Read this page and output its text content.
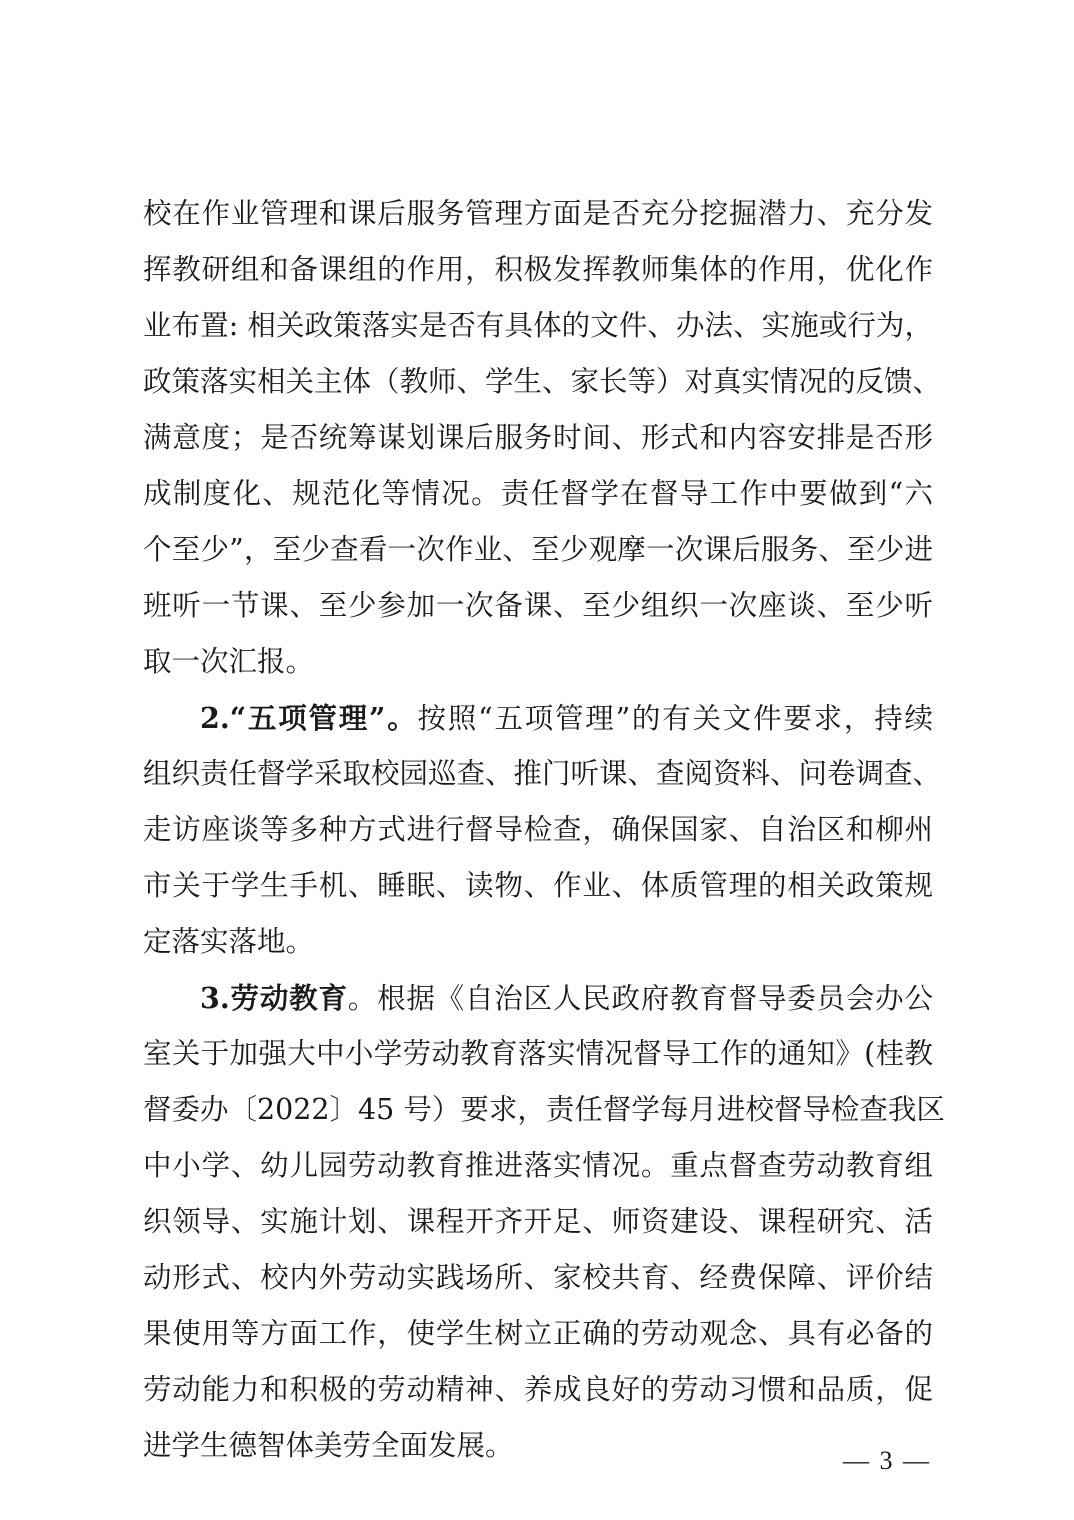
校在作业管理和课后服务管理方面是否充分挖掘潜力、充分发
挥教研组和备课组的作用，积极发挥教师集体的作用，优化作
业布置: 相关政策落实是否有具体的文件、办法、实施或行为，
政策落实相关主体（教师、学生、家长等）对真实情况的反馈、
满意度；是否统筹谋划课后服务时间、形式和内容安排是否形
成制度化、规范化等情况。责任督学在督导工作中要做到“六
个至少”，至少查看一次作业、至少观摩一次课后服务、至少进
班听一节课、至少参加一次备课、至少组织一次座谈、至少听
取一次汇报。
2.“五项管理”。按照“五项管理”的有关文件要求，持续
组织责任督学采取校园巡查、推门听课、查阅资料、问卷调查、
走访座谈等多种方式进行督导检查，确保国家、自治区和柳州
市关于学生手机、睡眠、读物、作业、体质管理的相关政策规
定落实落地。
3.劳动教育。根据《自治区人民政府教育督导委员会办公
室关于加强大中小学劳动教育落实情况督导工作的通知》(桂教
督委办〔2022〕45 号）要求，责任督学每月进校督导检查我区
中小学、幼儿园劳动教育推进落实情况。重点督查劳动教育组
织领导、实施计划、课程开齐开足、师资建设、课程研究、活
动形式、校内外劳动实践场所、家校共育、经费保障、评价结
果使用等方面工作，使学生树立正确的劳动观念、具有必备的
劳动能力和积极的劳动精神、养成良好的劳动习惯和品质，促
进学生德智体美劳全面发展。	— 3 —
